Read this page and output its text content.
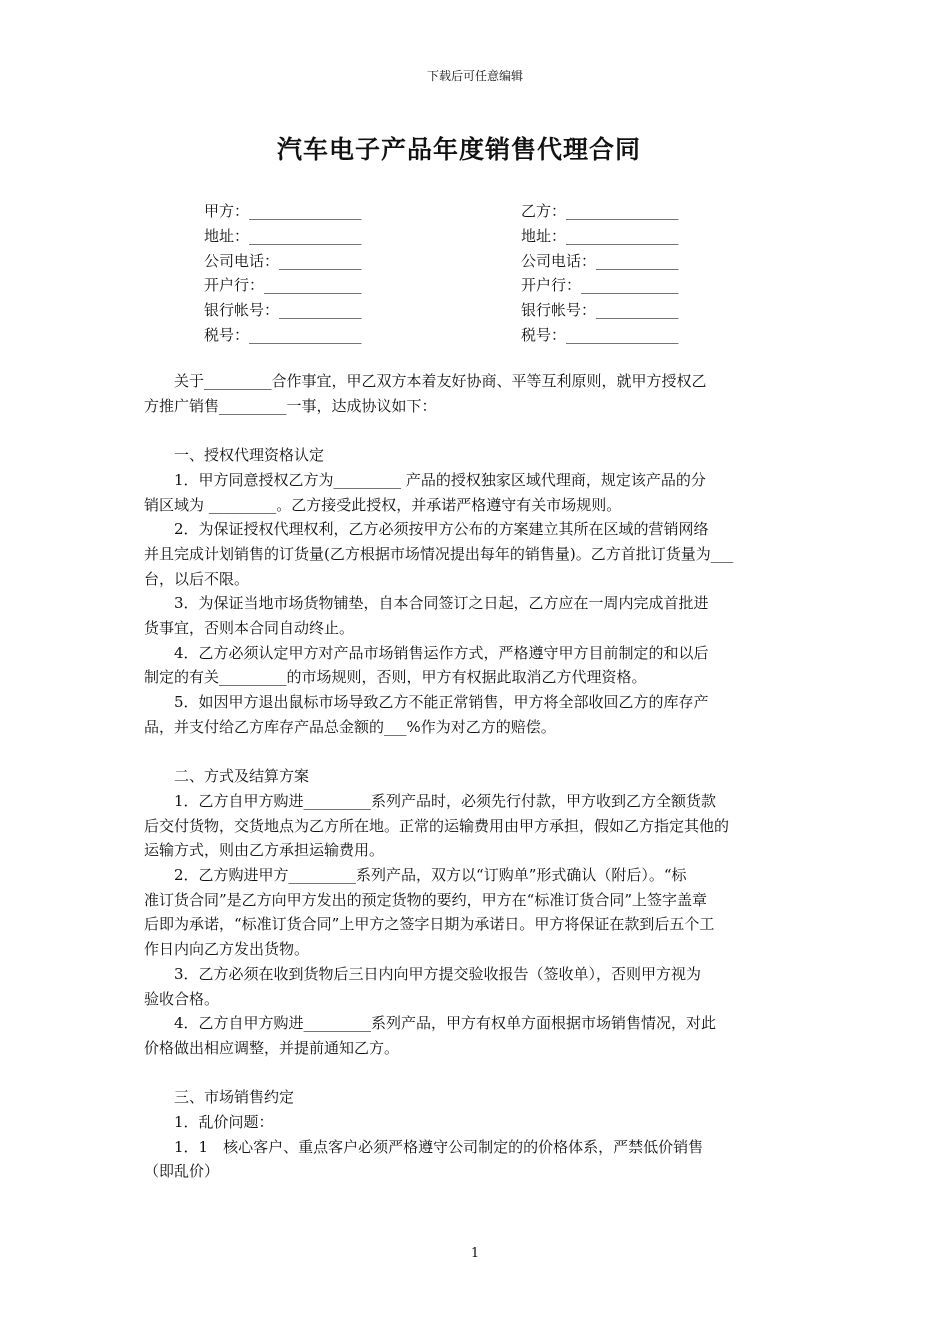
下载后可任意编辑
汽车电子产品年度销售代理合同
甲方：_______________
地址：_______________
公司电话：___________
开户行：_____________
银行帐号：___________
税号：_______________
乙方：_______________
地址：_______________
公司电话：___________
开户行：_____________
银行帐号：___________
税号：_______________
　　关于_________合作事宜，甲乙双方本着友好协商、平等互利原则，就甲方授权乙
方推广销售_________一事，达成协议如下：
　　一、授权代理资格认定
　　1．甲方同意授权乙方为_________ 产品的授权独家区域代理商，规定该产品的分
销区域为 _________。乙方接受此授权，并承诺严格遵守有关市场规则。
　　2．为保证授权代理权利，乙方必须按甲方公布的方案建立其所在区域的营销网络
并且完成计划销售的订货量(乙方根据市场情况提出每年的销售量)。乙方首批订货量为___
台，以后不限。
　　3．为保证当地市场货物铺垫，自本合同签订之日起，乙方应在一周内完成首批进
货事宜，否则本合同自动终止。
　　4．乙方必须认定甲方对产品市场销售运作方式，严格遵守甲方目前制定的和以后
制定的有关_________的市场规则，否则，甲方有权据此取消乙方代理资格。
　　5．如因甲方退出鼠标市场导致乙方不能正常销售，甲方将全部收回乙方的库存产
品，并支付给乙方库存产品总金额的___%作为对乙方的赔偿。
　　二、方式及结算方案
　　1．乙方自甲方购进_________系列产品时，必须先行付款，甲方收到乙方全额货款
后交付货物，交货地点为乙方所在地。正常的运输费用由甲方承担，假如乙方指定其他的
运输方式，则由乙方承担运输费用。
　　2．乙方购进甲方_________系列产品，双方以“订购单”形式确认（附后）。“标
准订货合同”是乙方向甲方发出的预定货物的要约，甲方在“标准订货合同”上签字盖章
后即为承诺，“标准订货合同”上甲方之签字日期为承诺日。甲方将保证在款到后五个工
作日内向乙方发出货物。
　　3．乙方必须在收到货物后三日内向甲方提交验收报告（签收单），否则甲方视为
验收合格。
　　4．乙方自甲方购进_________系列产品，甲方有权单方面根据市场销售情况，对此
价格做出相应调整，并提前通知乙方。
　　三、市场销售约定
　　1．乱价问题：
　　1．1　核心客户、重点客户必须严格遵守公司制定的的价格体系，严禁低价销售
（即乱价）
1
